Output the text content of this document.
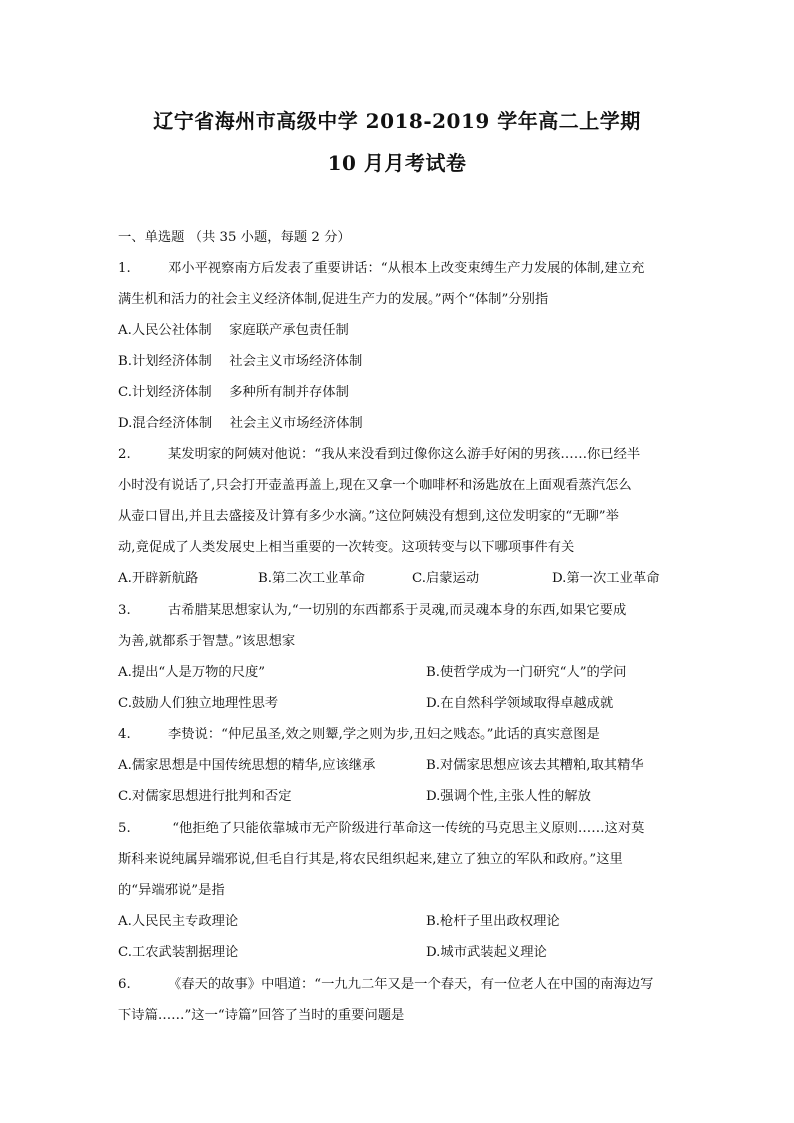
辽宁省海州市高级中学 2018-2019 学年高二上学期
10 月月考试卷
一、单选题 （共 35 小题，每题 2 分）
1.	邓小平视察南方后发表了重要讲话：“从根本上改变束缚生产力发展的体制,建立充
满生机和活力的社会主义经济体制,促进生产力的发展。”两个“体制”分别指
A.人民公社体制　 家庭联产承包责任制
B.计划经济体制　 社会主义市场经济体制
C.计划经济体制　 多种所有制并存体制
D.混合经济体制　 社会主义市场经济体制
2.	某发明家的阿姨对他说：“我从来没看到过像你这么游手好闲的男孩……你已经半
小时没有说话了,只会打开壶盖再盖上,现在又拿一个咖啡杯和汤匙放在上面观看蒸汽怎么
从壶口冒出,并且去盛接及计算有多少水滴。”这位阿姨没有想到,这位发明家的“无聊”举
动,竟促成了人类发展史上相当重要的一次转变。这项转变与以下哪项事件有关
A.开辟新航路	B.第二次工业革命	C.启蒙运动	D.第一次工业革命
3.	古希腊某思想家认为,“一切别的东西都系于灵魂,而灵魂本身的东西,如果它要成
为善,就都系于智慧。”该思想家
A.提出“人是万物的尺度”	B.使哲学成为一门研究“人”的学问
C.鼓励人们独立地理性思考	D.在自然科学领域取得卓越成就
4.	李贽说：“仲尼虽圣,效之则颦,学之则为步,丑妇之贱态。”此话的真实意图是
A.儒家思想是中国传统思想的精华,应该继承	B.对儒家思想应该去其糟粕,取其精华
C.对儒家思想进行批判和否定	D.强调个性,主张人性的解放
5.	“他拒绝了只能依靠城市无产阶级进行革命这一传统的马克思主义原则……这对莫
斯科来说纯属异端邪说,但毛自行其是,将农民组织起来,建立了独立的军队和政府。”这里
的“异端邪说”是指
A.人民民主专政理论	B.枪杆子里出政权理论
C.工农武装割据理论	D.城市武装起义理论
6.	《春天的故事》中唱道：“一九九二年又是一个春天，有一位老人在中国的南海边写
下诗篇……”这一“诗篇”回答了当时的重要问题是
